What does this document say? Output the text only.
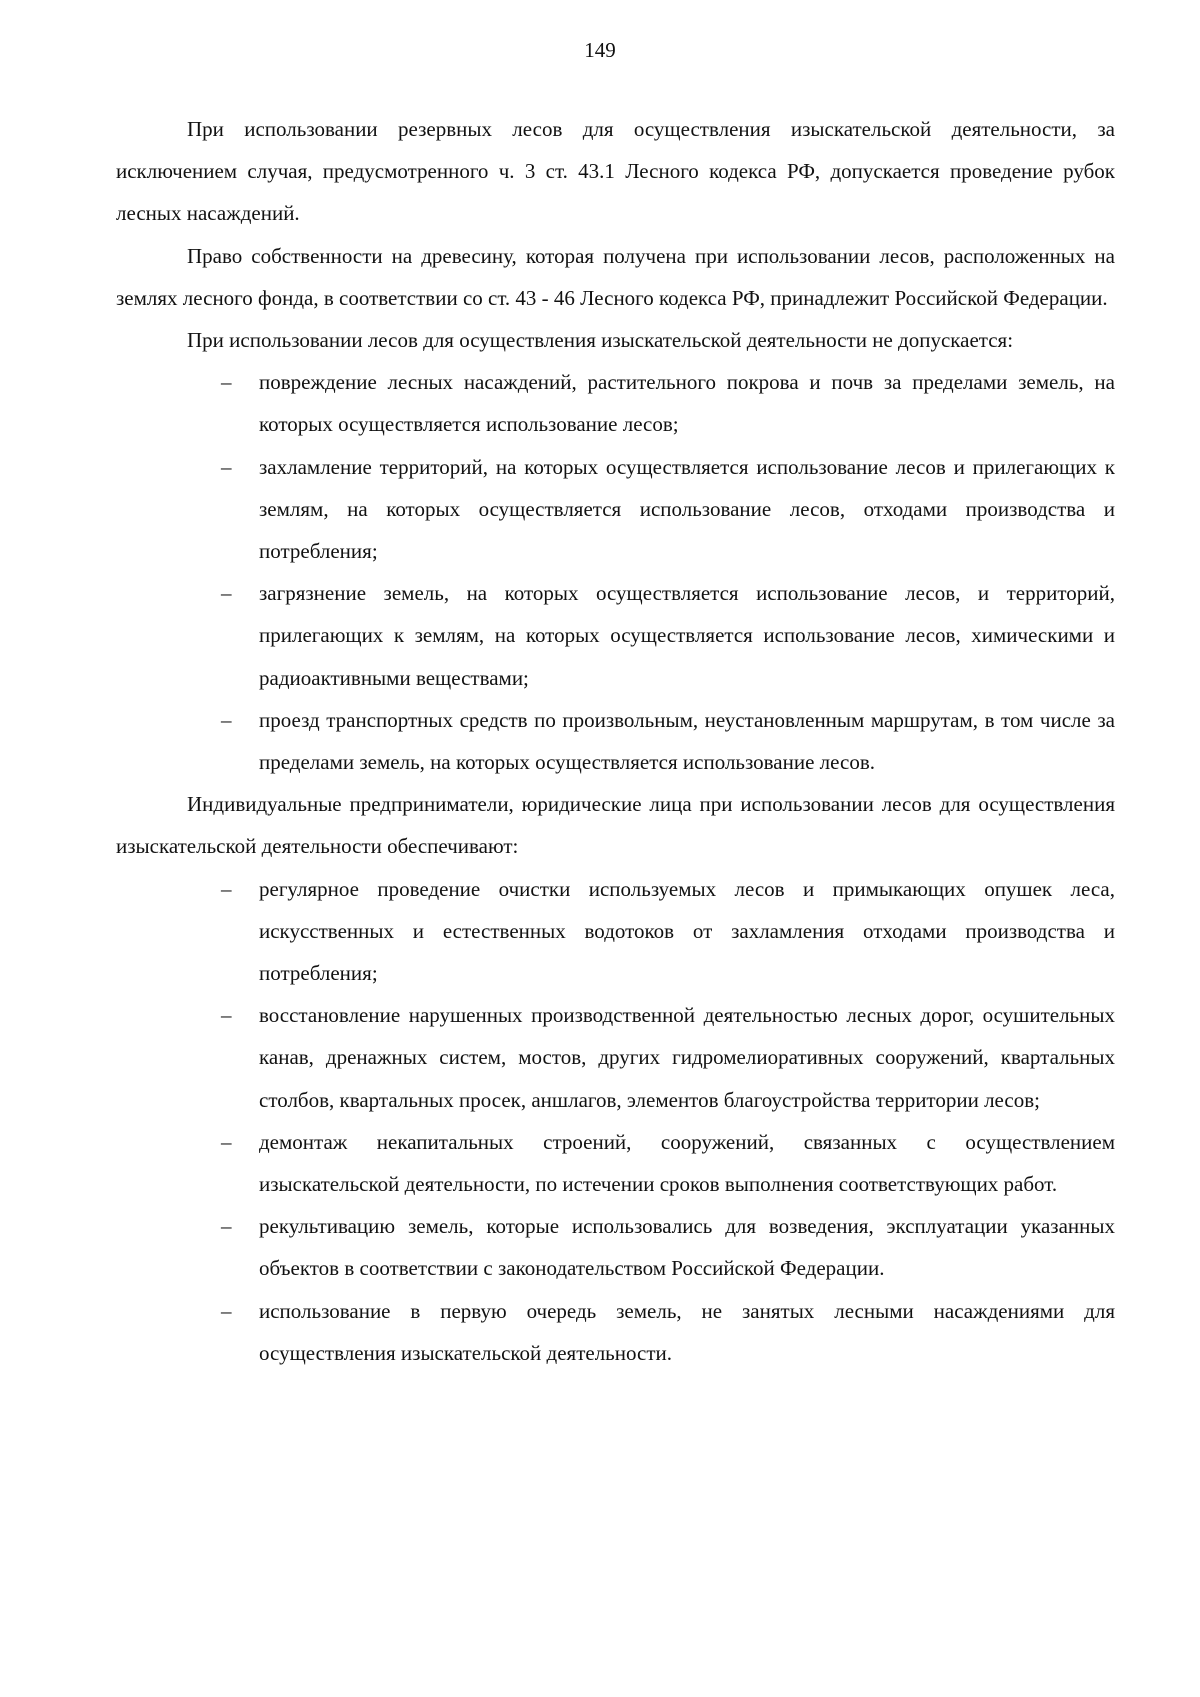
149

При использовании резервных лесов для осуществления изыскательской деятельности, за исключением случая, предусмотренного ч. 3 ст. 43.1 Лесного кодекса РФ, допускается проведение рубок лесных насаждений.

Право собственности на древесину, которая получена при использовании лесов, расположенных на землях лесного фонда, в соответствии со ст. 43 - 46 Лесного кодекса РФ, принадлежит Российской Федерации.

При использовании лесов для осуществления изыскательской деятельности не допускается:

– повреждение лесных насаждений, растительного покрова и почв за пределами земель, на которых осуществляется использование лесов;
– захламление территорий, на которых осуществляется использование лесов и прилегающих к землям, на которых осуществляется использование лесов, отходами производства и потребления;
– загрязнение земель, на которых осуществляется использование лесов, и территорий, прилегающих к землям, на которых осуществляется использование лесов, химическими и радиоактивными веществами;
– проезд транспортных средств по произвольным, неустановленным маршрутам, в том числе за пределами земель, на которых осуществляется использование лесов.

Индивидуальные предприниматели, юридические лица при использовании лесов для осуществления изыскательской деятельности обеспечивают:

– регулярное проведение очистки используемых лесов и примыкающих опушек леса, искусственных и естественных водотоков от захламления отходами производства и потребления;
– восстановление нарушенных производственной деятельностью лесных дорог, осушительных канав, дренажных систем, мостов, других гидромелиоративных сооружений, квартальных столбов, квартальных просек, аншлагов, элементов благоустройства территории лесов;
– демонтаж некапитальных строений, сооружений, связанных с осуществлением изыскательской деятельности, по истечении сроков выполнения соответствующих работ.
– рекультивацию земель, которые использовались для возведения, эксплуатации указанных объектов в соответствии с законодательством Российской Федерации.
– использование в первую очередь земель, не занятых лесными насаждениями для осуществления изыскательской деятельности.
